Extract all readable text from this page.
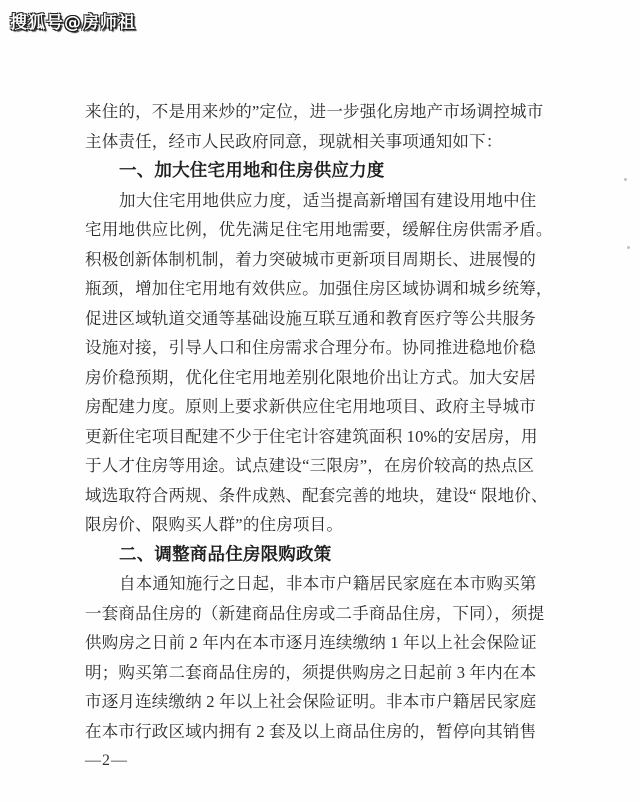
搜狐号@房师祖
来住的，不是用来炒的”定位，进一步强化房地产市场调控城市
主体责任，经市人民政府同意，现就相关事项通知如下：
一、加大住宅用地和住房供应力度
加大住宅用地供应力度，适当提高新增国有建设用地中住
宅用地供应比例，优先满足住宅用地需要，缓解住房供需矛盾。
积极创新体制机制，着力突破城市更新项目周期长、进展慢的
瓶颈，增加住宅用地有效供应。加强住房区域协调和城乡统筹，
促进区域轨道交通等基础设施互联互通和教育医疗等公共服务
设施对接，引导人口和住房需求合理分布。协同推进稳地价稳
房价稳预期，优化住宅用地差别化限地价出让方式。加大安居
房配建力度。原则上要求新供应住宅用地项目、政府主导城市
更新住宅项目配建不少于住宅计容建筑面积 10%的安居房，用
于人才住房等用途。试点建设“三限房”，在房价较高的热点区
域选取符合两规、条件成熟、配套完善的地块，建设“ 限地价、
限房价、限购买人群”的住房项目。
二、调整商品住房限购政策
自本通知施行之日起，非本市户籍居民家庭在本市购买第
一套商品住房的（新建商品住房或二手商品住房，下同），须提
供购房之日前 2 年内在本市逐月连续缴纳 1 年以上社会保险证
明；购买第二套商品住房的，须提供购房之日起前 3 年内在本
市逐月连续缴纳 2 年以上社会保险证明。非本市户籍居民家庭
在本市行政区域内拥有 2 套及以上商品住房的，暂停向其销售
—2—
